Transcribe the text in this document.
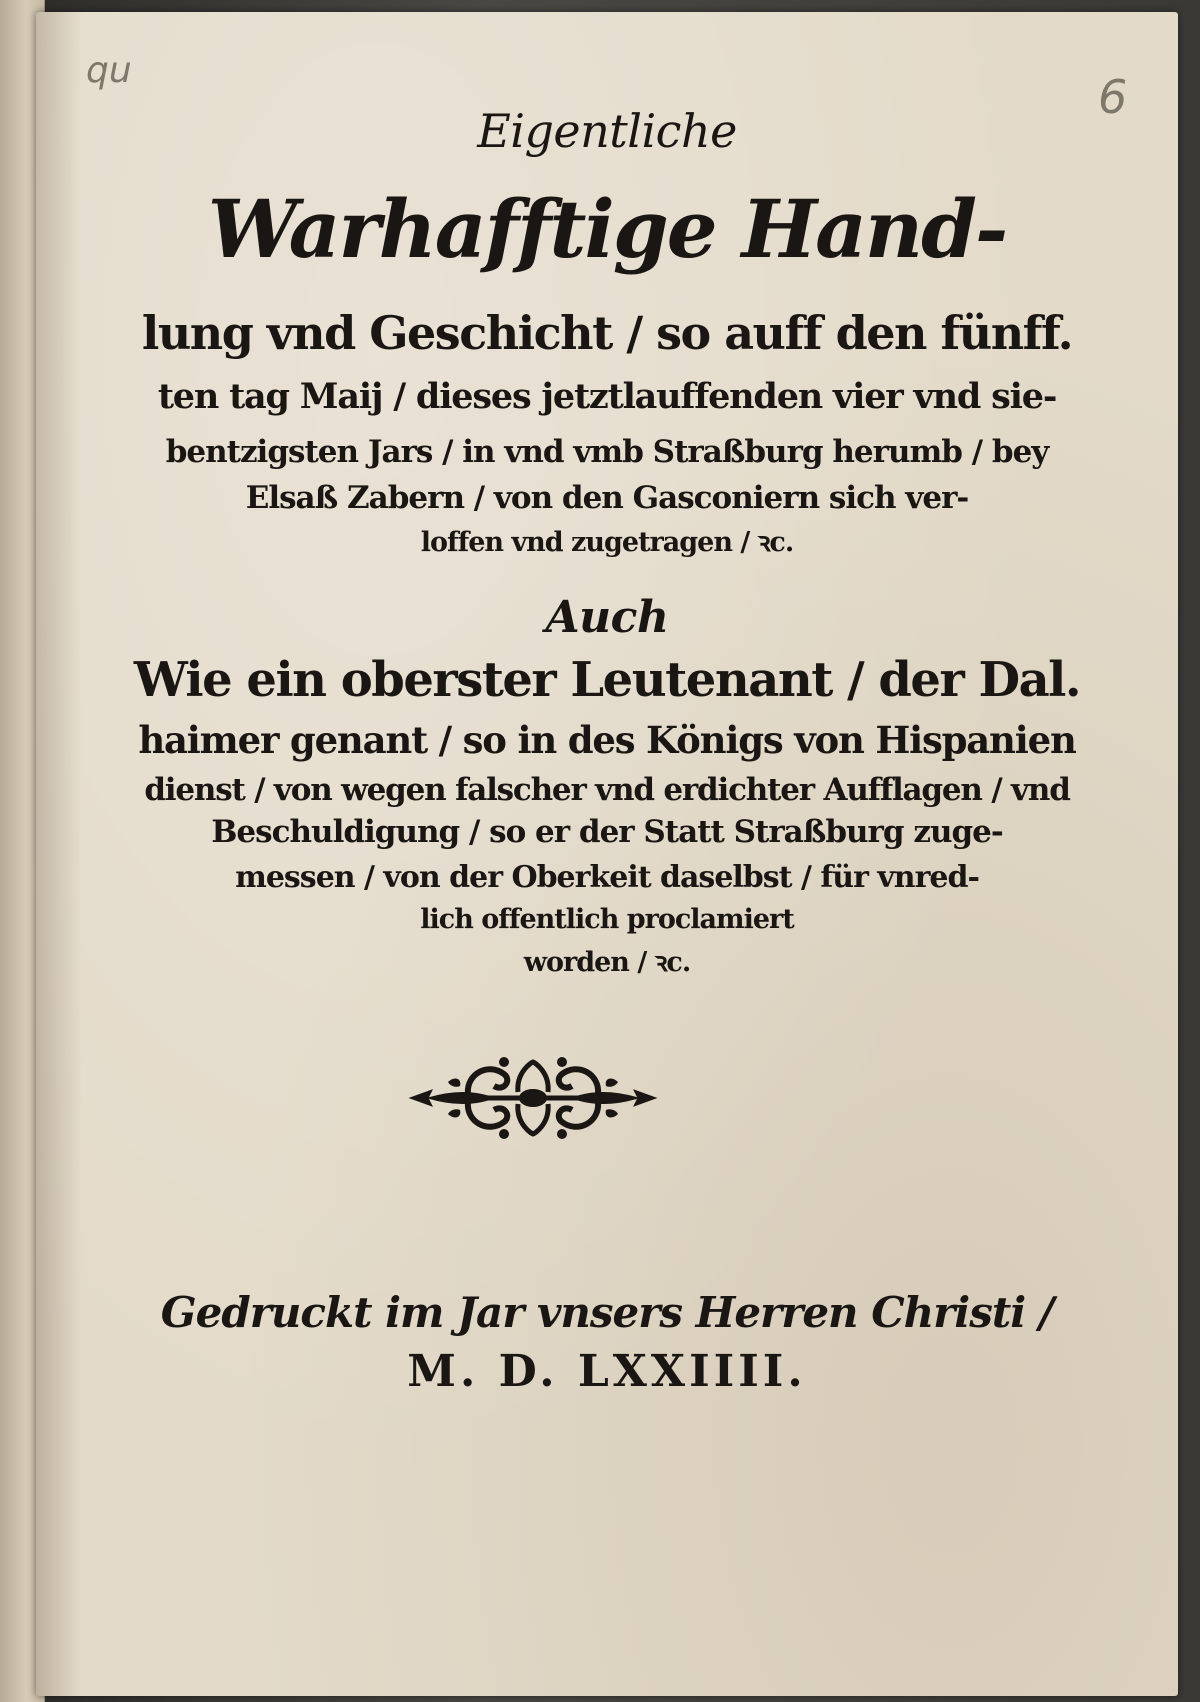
qu	6
Eigentliche
Warhafftige Hand-
lung vnd Geschicht / so auff den fünff.
ten tag Maij / dieses jetztlauffenden vier vnd sie-
bentzigsten Jars / in vnd vmb Straßburg herumb / bey
Elsaß Zabern / von den Gasconiern sich ver-
loffen vnd zugetragen / ꝛc.
Auch
Wie ein oberster Leutenant / der Dal.
haimer genant / so in des Königs von Hispanien
dienst / von wegen falscher vnd erdichter Aufflagen / vnd
Beschuldigung / so er der Statt Straßburg zuge-
messen / von der Oberkeit daselbst / für vnred-
lich offentlich proclamiert
worden / ꝛc.
Gedruckt im Jar vnsers Herren Christi /
M. D. LXXIIII.
